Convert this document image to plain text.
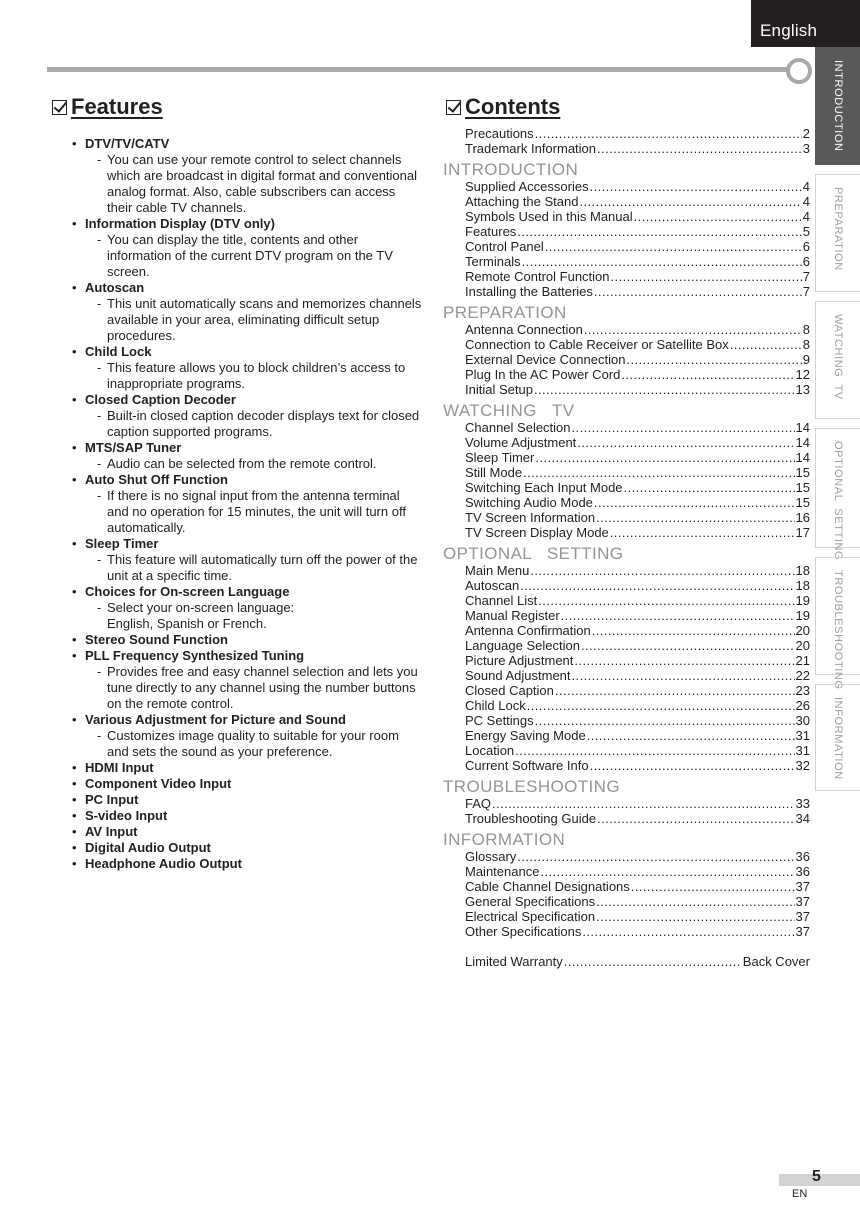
English
INTRODUCTION
PREPARATION
WATCHING  TV
OPTIONAL  SETTING
TROUBLESHOOTING
INFORMATION
Features
• DTV/TV/CATV
- You can use your remote control to select channels which are broadcast in digital format and conventional analog format. Also, cable subscribers can access their cable TV channels.
• Information Display (DTV only)
- You can display the title, contents and other information of the current DTV program on the TV screen.
• Autoscan
- This unit automatically scans and memorizes channels available in your area, eliminating difficult setup procedures.
• Child Lock
- This feature allows you to block children’s access to inappropriate programs.
• Closed Caption Decoder
- Built-in closed caption decoder displays text for closed caption supported programs.
• MTS/SAP Tuner
- Audio can be selected from the remote control.
• Auto Shut Off Function
- If there is no signal input from the antenna terminal and no operation for 15 minutes, the unit will turn off automatically.
• Sleep Timer
- This feature will automatically turn off the power of the unit at a specific time.
• Choices for On-screen Language
- Select your on-screen language:
English, Spanish or French.
• Stereo Sound Function
• PLL Frequency Synthesized Tuning
- Provides free and easy channel selection and lets you tune directly to any channel using the number buttons on the remote control.
• Various Adjustment for Picture and Sound
- Customizes image quality to suitable for your room and sets the sound as your preference.
• HDMI Input
• Component Video Input
• PC Input
• S-video Input
• AV Input
• Digital Audio Output
• Headphone Audio Output
Contents
Precautions . . .	2
Trademark Information . . .	3
INTRODUCTION
Supplied Accessories . . .	4
Attaching the Stand . . .	4
Symbols Used in this Manual . . .	4
Features . . .	5
Control Panel . . .	6
Terminals . . .	6
Remote Control Function . . .	7
Installing the Batteries . . .	7
PREPARATION
Antenna Connection . . .	8
Connection to Cable Receiver or Satellite Box . . .	8
External Device Connection . . .	9
Plug In the AC Power Cord . . .	12
Initial Setup . . .	13
WATCHING   TV
Channel Selection . . .	14
Volume Adjustment . . .	14
Sleep Timer . . .	14
Still Mode . . .	15
Switching Each Input Mode . . .	15
Switching Audio Mode . . .	15
TV Screen Information . . .	16
TV Screen Display Mode . . .	17
OPTIONAL   SETTING
Main Menu . . .	18
Autoscan . . .	18
Channel List . . .	19
Manual Register . . .	19
Antenna Confirmation . . .	20
Language Selection . . .	20
Picture Adjustment . . .	21
Sound Adjustment . . .	22
Closed Caption . . .	23
Child Lock . . .	26
PC Settings . . .	30
Energy Saving Mode . . .	31
Location . . .	31
Current Software Info . . .	32
TROUBLESHOOTING
FAQ . . .	33
Troubleshooting Guide . . .	34
INFORMATION
Glossary . . .	36
Maintenance . . .	36
Cable Channel Designations . . .	37
General Specifications . . .	37
Electrical Specification . . .	37
Other Specifications . . .	37
Limited Warranty . . .	Back Cover
5
EN
